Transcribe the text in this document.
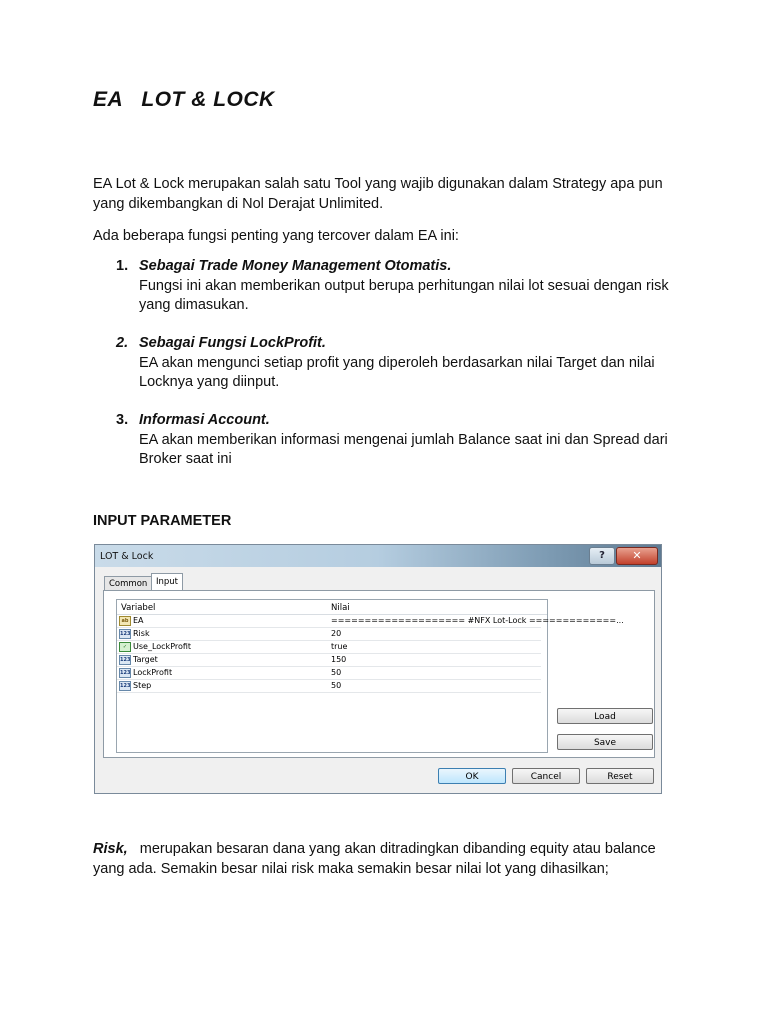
EA   LOT & LOCK
EA Lot & Lock merupakan salah satu Tool yang wajib digunakan dalam Strategy apa pun yang dikembangkan di Nol Derajat Unlimited.
Ada beberapa fungsi penting yang tercover dalam EA ini:
1. Sebagai Trade Money Management Otomatis.
Fungsi ini akan memberikan output berupa perhitungan nilai lot sesuai dengan risk yang dimasukan.
2. Sebagai Fungsi LockProfit.
EA akan mengunci setiap profit yang diperoleh berdasarkan nilai Target dan nilai Locknya yang diinput.
3. Informasi Account.
EA akan memberikan informasi mengenai jumlah Balance saat ini dan Spread dari Broker saat ini
INPUT PARAMETER
LOT & Lock	?	✕
Common	Input
Variabel	Nilai
ab EA	==================== #NFX Lot-Lock =============...
123 Risk	20
✓ Use_LockProfit	true
123 Target	150
123 LockProfit	50
123 Step	50
Load
Save
OK	Cancel	Reset
Risk,   merupakan besaran dana yang akan ditradingkan dibanding equity atau balance yang ada. Semakin besar nilai risk maka semakin besar nilai lot yang dihasilkan;
